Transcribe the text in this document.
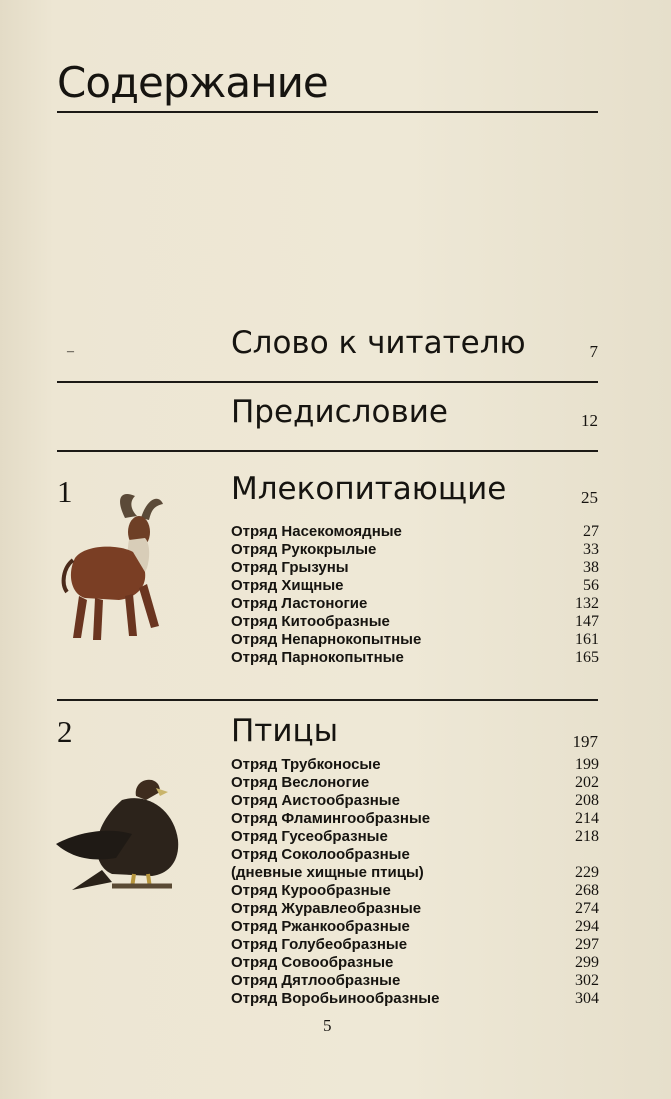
Содержание
–	Слово к читателю	7
Предисловие	12
1	Млекопитающие	25
Отряд Насекомоядные	27
Отряд Рукокрылые	33
Отряд Грызуны	38
Отряд Хищные	56
Отряд Ластоногие	132
Отряд Китообразные	147
Отряд Непарнокопытные	161
Отряд Парнокопытные	165
2	Птицы	197
Отряд Трубконосые	199
Отряд Веслоногие	202
Отряд Аистообразные	208
Отряд Фламингообразные	214
Отряд Гусеобразные	218
Отряд Соколообразные
(дневные хищные птицы)	229
Отряд Курообразные	268
Отряд Журавлеобразные	274
Отряд Ржанкообразные	294
Отряд Голубеобразные	297
Отряд Совообразные	299
Отряд Дятлообразные	302
Отряд Воробьинообразные	304
5
